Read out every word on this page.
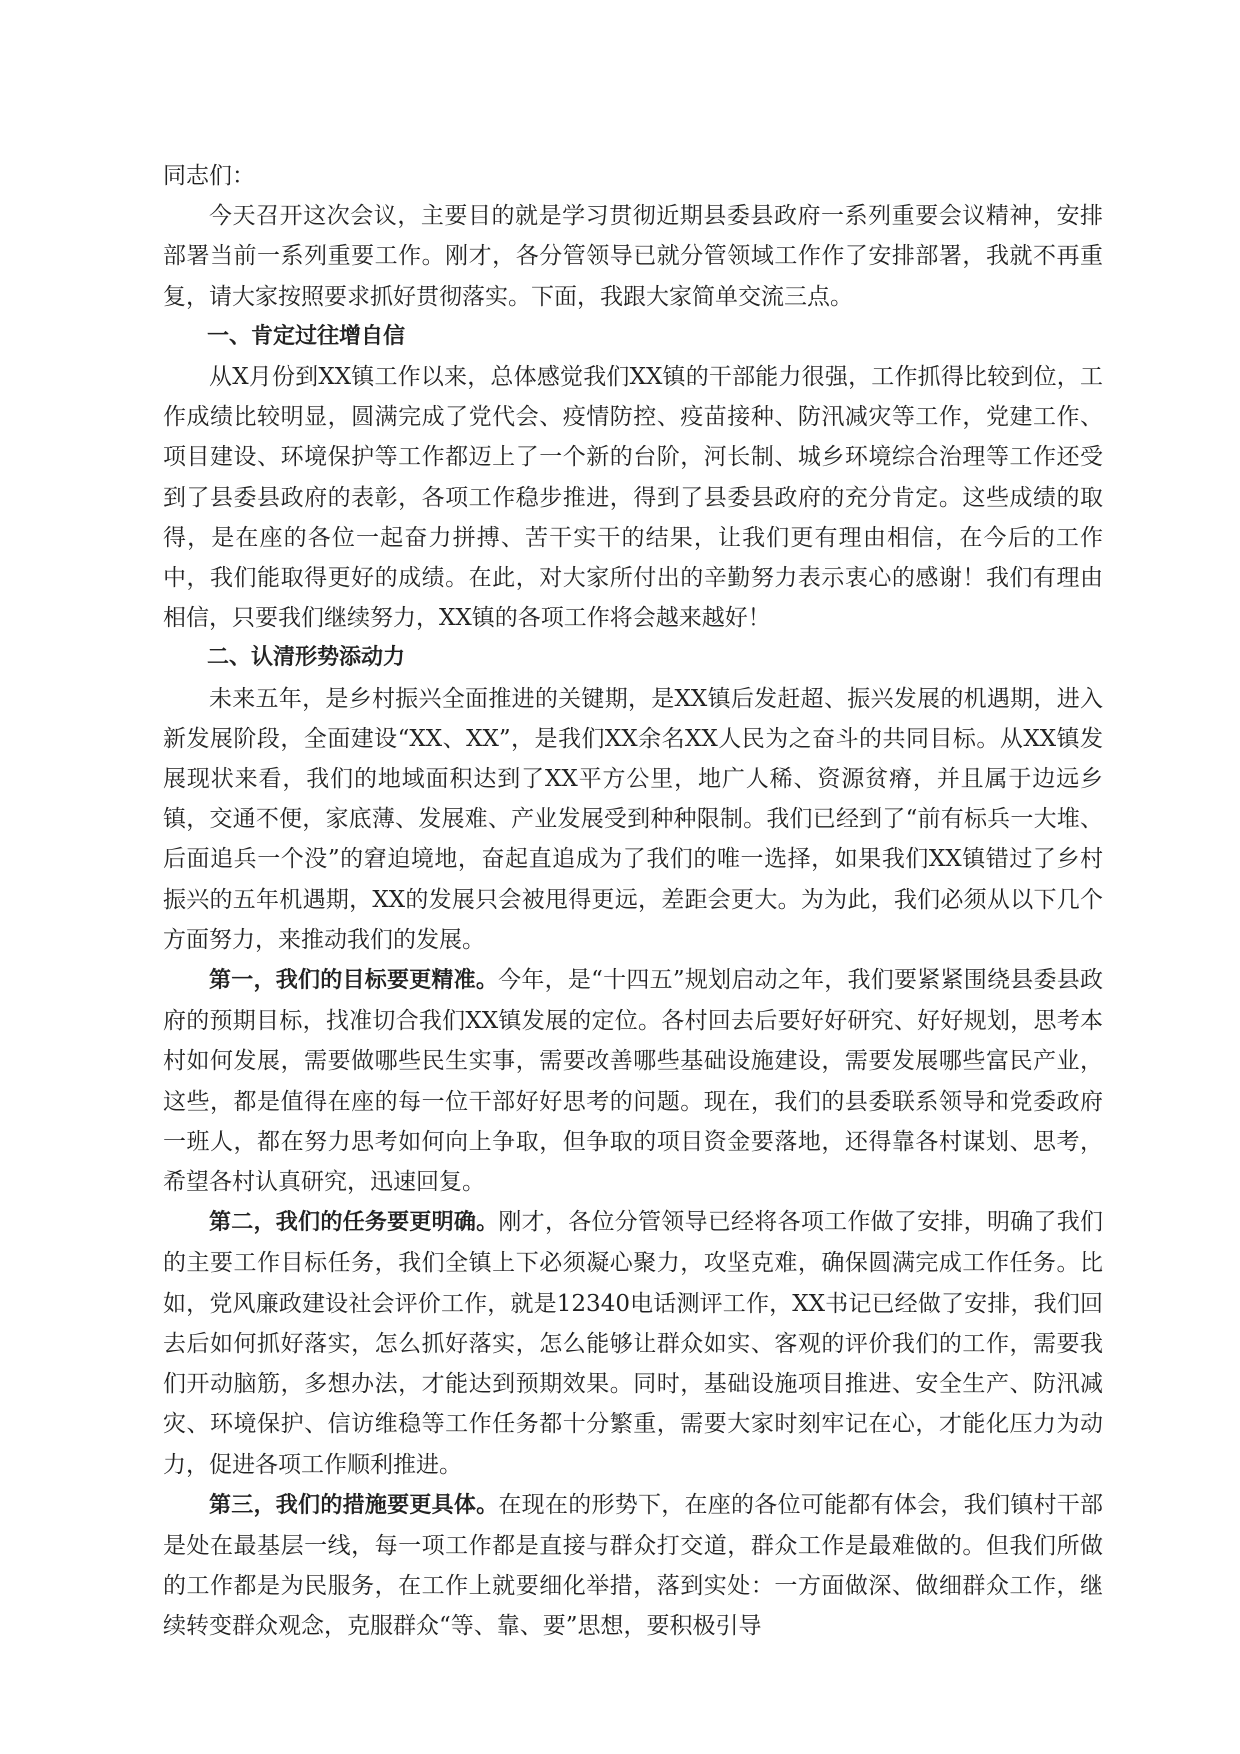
同志们：

今天召开这次会议，主要目的就是学习贯彻近期县委县政府一系列重要会议精神，安排部署当前一系列重要工作。刚才，各分管领导已就分管领域工作作了安排部署，我就不再重复，请大家按照要求抓好贯彻落实。下面，我跟大家简单交流三点。

一、肯定过往增自信

从X月份到XX镇工作以来，总体感觉我们XX镇的干部能力很强，工作抓得比较到位，工作成绩比较明显，圆满完成了党代会、疫情防控、疫苗接种、防汛减灾等工作，党建工作、项目建设、环境保护等工作都迈上了一个新的台阶，河长制、城乡环境综合治理等工作还受到了县委县政府的表彰，各项工作稳步推进，得到了县委县政府的充分肯定。这些成绩的取得，是在座的各位一起奋力拼搏、苦干实干的结果，让我们更有理由相信，在今后的工作中，我们能取得更好的成绩。在此，对大家所付出的辛勤努力表示衷心的感谢！我们有理由相信，只要我们继续努力，XX镇的各项工作将会越来越好！

二、认清形势添动力

未来五年，是乡村振兴全面推进的关键期，是XX镇后发赶超、振兴发展的机遇期，进入新发展阶段，全面建设“XX、XX”，是我们XX余名XX人民为之奋斗的共同目标。从XX镇发展现状来看，我们的地域面积达到了XX平方公里，地广人稀、资源贫瘠，并且属于边远乡镇，交通不便，家底薄、发展难、产业发展受到种种限制。我们已经到了“前有标兵一大堆、后面追兵一个没”的窘迫境地，奋起直追成为了我们的唯一选择，如果我们XX镇错过了乡村振兴的五年机遇期，XX的发展只会被甩得更远，差距会更大。为为此，我们必须从以下几个方面努力，来推动我们的发展。

第一，我们的目标要更精准。今年，是“十四五”规划启动之年，我们要紧紧围绕县委县政府的预期目标，找准切合我们XX镇发展的定位。各村回去后要好好研究、好好规划，思考本村如何发展，需要做哪些民生实事，需要改善哪些基础设施建设，需要发展哪些富民产业，这些，都是值得在座的每一位干部好好思考的问题。现在，我们的县委联系领导和党委政府一班人，都在努力思考如何向上争取，但争取的项目资金要落地，还得靠各村谋划、思考，希望各村认真研究，迅速回复。

第二，我们的任务要更明确。刚才，各位分管领导已经将各项工作做了安排，明确了我们的主要工作目标任务，我们全镇上下必须凝心聚力，攻坚克难，确保圆满完成工作任务。比如，党风廉政建设社会评价工作，就是12340电话测评工作，XX书记已经做了安排，我们回去后如何抓好落实，怎么抓好落实，怎么能够让群众如实、客观的评价我们的工作，需要我们开动脑筋，多想办法，才能达到预期效果。同时，基础设施项目推进、安全生产、防汛减灾、环境保护、信访维稳等工作任务都十分繁重，需要大家时刻牢记在心，才能化压力为动力，促进各项工作顺利推进。

第三，我们的措施要更具体。在现在的形势下，在座的各位可能都有体会，我们镇村干部是处在最基层一线，每一项工作都是直接与群众打交道，群众工作是最难做的。但我们所做的工作都是为民服务，在工作上就要细化举措，落到实处：一方面做深、做细群众工作，继续转变群众观念，克服群众“等、靠、要”思想，要积极引导
